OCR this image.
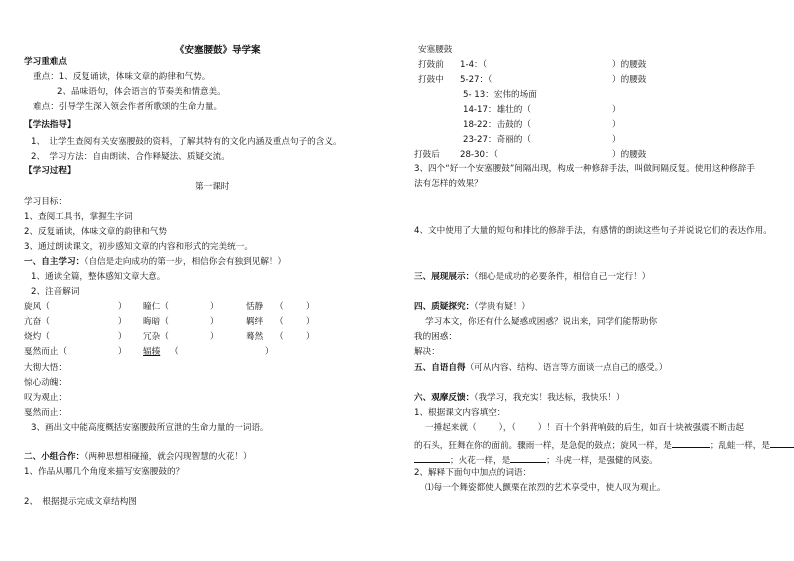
《安塞腰鼓》导学案
学习重难点
重点：1、反复诵读，体味文章的韵律和气势。
2、品味语句，体会语言的节奏美和情意美。
难点：引导学生深入领会作者所歌颂的生命力量。
【学法指导】
1、　让学生查阅有关安塞腰鼓的资料，了解其特有的文化内涵及重点句子的含义。
2、　学习方法：自由朗读、合作释疑法、质疑交流。
【学习过程】
第一课时
学习目标：
1、查阅工具书，掌握生字词
2、反复诵读，体味文章的韵律和气势
3、通过朗读课文，初步感知文章的内容和形式的完美统一。
一、自主学习：（自信是走向成功的第一步，相信你会有独到见解！）
1、通读全篇，整体感知文章大意。
2、注音解词
旋风（	） 瞳仁（	）	恬静 （	）
亢奋（	） 晦暗（	）	羁绊 （	）
烧灼（	） 冗杂（	）	蓦然 （	）
戛然而止（	） 辐辏 （	）
大彻大悟：
惊心动魄：
叹为观止：
戛然而止：
3、画出文中能高度概括安塞腰鼓所宣泄的生命力量的一词语。
二、小组合作：（两种思想相碰撞，就会闪现智慧的火花！）
1、作品从哪几个角度来描写安塞腰鼓的？
2、　根据提示完成文章结构图
安塞腰鼓
打鼓前 1-4：（	）的腰鼓
打鼓中 5-27：（	）的腰鼓
5- 13：宏伟的场面
14-17：雄壮的（	）
18-22：击鼓的（	）
23-27：奇丽的（	）
打鼓后 28-30：（	）的腰鼓
3、四个“好一个安塞腰鼓”间隔出现，构成一种修辞手法，叫做间隔反复。使用这种修辞手
法有怎样的效果？
4、文中使用了大量的短句和排比的修辞手法，有感情的朗读这些句子并说说它们的表达作用。
三、展现展示：（细心是成功的必要条件，相信自己一定行！）
四、质疑探究：（学贵有疑！）
学习本文，你还有什么疑惑或困惑？说出来，同学们能帮助你
我的困惑：
解决：
五、自语自得（可从内容、结构、语言等方面谈一点自己的感受。）
六、观摩反馈：（我学习，我充实！我达标，我快乐！）
1、根据课文内容填空：
一捶起来就（	），（	）！百十个斜背响鼓的后生，如百十块被强震不断击起
的石头，狂舞在你的面前。骤雨一样，是急促的鼓点；旋风一样，是	；乱蛙一样，是
；火花一样，是	；斗虎一样，是强健的风姿。
2、解释下面句中加点的词语：
⑴每一个舞姿都使人颤栗在浓烈的艺术享受中，使人叹为观止。
